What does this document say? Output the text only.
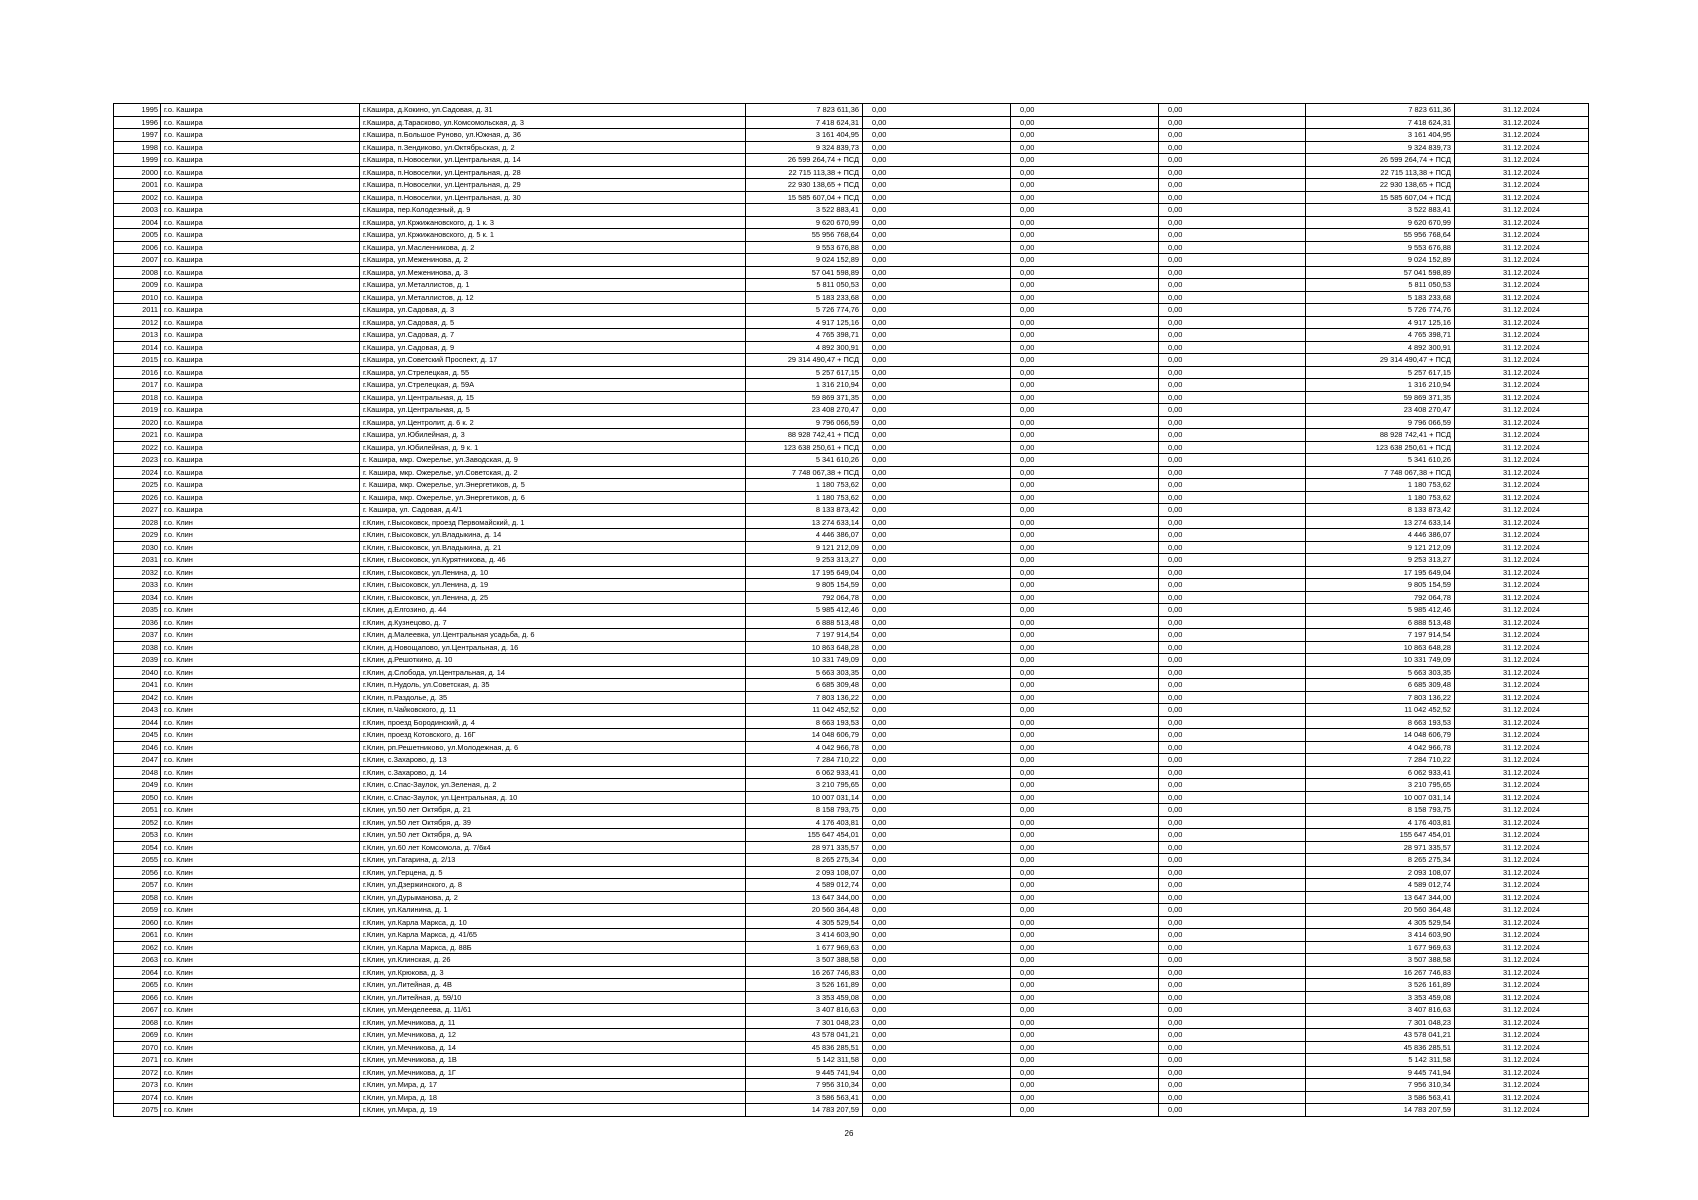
1995	г.о. Кашира	г.Кашира, д.Кокино, ул.Садовая, д. 31	7 823 611,36	0,00	0,00	0,00	7 823 611,36	31.12.2024
1996	г.о. Кашира	г.Кашира, д.Тарасково, ул.Комсомольская, д. 3	7 418 624,31	0,00	0,00	0,00	7 418 624,31	31.12.2024
1997	г.о. Кашира	г.Кашира, п.Большое Руново, ул.Южная, д. 36	3 161 404,95	0,00	0,00	0,00	3 161 404,95	31.12.2024
1998	г.о. Кашира	г.Кашира, п.Зендиково, ул.Октябрьская, д. 2	9 324 839,73	0,00	0,00	0,00	9 324 839,73	31.12.2024
1999	г.о. Кашира	г.Кашира, п.Новоселки, ул.Центральная, д. 14	26 599 264,74 + ПСД	0,00	0,00	0,00	26 599 264,74 + ПСД	31.12.2024
2000	г.о. Кашира	г.Кашира, п.Новоселки, ул.Центральная, д. 28	22 715 113,38 + ПСД	0,00	0,00	0,00	22 715 113,38 + ПСД	31.12.2024
2001	г.о. Кашира	г.Кашира, п.Новоселки, ул.Центральная, д. 29	22 930 138,65 + ПСД	0,00	0,00	0,00	22 930 138,65 + ПСД	31.12.2024
2002	г.о. Кашира	г.Кашира, п.Новоселки, ул.Центральная, д. 30	15 585 607,04 + ПСД	0,00	0,00	0,00	15 585 607,04 + ПСД	31.12.2024
2003	г.о. Кашира	г.Кашира, пер.Колодезный, д. 9	3 522 883,41	0,00	0,00	0,00	3 522 883,41	31.12.2024
2004	г.о. Кашира	г.Кашира, ул.Кржижановского, д. 1 к. 3	9 620 670,99	0,00	0,00	0,00	9 620 670,99	31.12.2024
2005	г.о. Кашира	г.Кашира, ул.Кржижановского, д. 5 к. 1	55 956 768,64	0,00	0,00	0,00	55 956 768,64	31.12.2024
2006	г.о. Кашира	г.Кашира, ул.Масленникова, д. 2	9 553 676,88	0,00	0,00	0,00	9 553 676,88	31.12.2024
2007	г.о. Кашира	г.Кашира, ул.Меженинова, д. 2	9 024 152,89	0,00	0,00	0,00	9 024 152,89	31.12.2024
2008	г.о. Кашира	г.Кашира, ул.Меженинова, д. 3	57 041 598,89	0,00	0,00	0,00	57 041 598,89	31.12.2024
2009	г.о. Кашира	г.Кашира, ул.Металлистов, д. 1	5 811 050,53	0,00	0,00	0,00	5 811 050,53	31.12.2024
2010	г.о. Кашира	г.Кашира, ул.Металлистов, д. 12	5 183 233,68	0,00	0,00	0,00	5 183 233,68	31.12.2024
2011	г.о. Кашира	г.Кашира, ул.Садовая, д. 3	5 726 774,76	0,00	0,00	0,00	5 726 774,76	31.12.2024
2012	г.о. Кашира	г.Кашира, ул.Садовая, д. 5	4 917 125,16	0,00	0,00	0,00	4 917 125,16	31.12.2024
2013	г.о. Кашира	г.Кашира, ул.Садовая, д. 7	4 765 398,71	0,00	0,00	0,00	4 765 398,71	31.12.2024
2014	г.о. Кашира	г.Кашира, ул.Садовая, д. 9	4 892 300,91	0,00	0,00	0,00	4 892 300,91	31.12.2024
2015	г.о. Кашира	г.Кашира, ул.Советский Проспект, д. 17	29 314 490,47 + ПСД	0,00	0,00	0,00	29 314 490,47 + ПСД	31.12.2024
2016	г.о. Кашира	г.Кашира, ул.Стрелецкая, д. 55	5 257 617,15	0,00	0,00	0,00	5 257 617,15	31.12.2024
2017	г.о. Кашира	г.Кашира, ул.Стрелецкая, д. 59А	1 316 210,94	0,00	0,00	0,00	1 316 210,94	31.12.2024
2018	г.о. Кашира	г.Кашира, ул.Центральная, д. 15	59 869 371,35	0,00	0,00	0,00	59 869 371,35	31.12.2024
2019	г.о. Кашира	г.Кашира, ул.Центральная, д. 5	23 408 270,47	0,00	0,00	0,00	23 408 270,47	31.12.2024
2020	г.о. Кашира	г.Кашира, ул.Центролит, д. 6 к. 2	9 796 066,59	0,00	0,00	0,00	9 796 066,59	31.12.2024
2021	г.о. Кашира	г.Кашира, ул.Юбилейная, д. 3	88 928 742,41 + ПСД	0,00	0,00	0,00	88 928 742,41 + ПСД	31.12.2024
2022	г.о. Кашира	г.Кашира, ул.Юбилейная, д. 9 к. 1	123 638 250,61 + ПСД	0,00	0,00	0,00	123 638 250,61 + ПСД	31.12.2024
2023	г.о. Кашира	г. Кашира, мкр. Ожерелье, ул.Заводская, д. 9	5 341 610,26	0,00	0,00	0,00	5 341 610,26	31.12.2024
2024	г.о. Кашира	г. Кашира, мкр. Ожерелье, ул.Советская, д. 2	7 748 067,38 + ПСД	0,00	0,00	0,00	7 748 067,38 + ПСД	31.12.2024
2025	г.о. Кашира	г. Кашира, мкр. Ожерелье, ул.Энергетиков, д. 5	1 180 753,62	0,00	0,00	0,00	1 180 753,62	31.12.2024
2026	г.о. Кашира	г. Кашира, мкр. Ожерелье, ул.Энергетиков, д. 6	1 180 753,62	0,00	0,00	0,00	1 180 753,62	31.12.2024
2027	г.о. Кашира	г. Кашира, ул. Садовая, д.4/1	8 133 873,42	0,00	0,00	0,00	8 133 873,42	31.12.2024
2028	г.о. Клин	г.Клин, г.Высоковск, проезд Первомайский, д. 1	13 274 633,14	0,00	0,00	0,00	13 274 633,14	31.12.2024
2029	г.о. Клин	г.Клин, г.Высоковск, ул.Владыкина, д. 14	4 446 386,07	0,00	0,00	0,00	4 446 386,07	31.12.2024
2030	г.о. Клин	г.Клин, г.Высоковск, ул.Владыкина, д. 21	9 121 212,09	0,00	0,00	0,00	9 121 212,09	31.12.2024
2031	г.о. Клин	г.Клин, г.Высоковск, ул.Курятникова, д. 46	9 253 313,27	0,00	0,00	0,00	9 253 313,27	31.12.2024
2032	г.о. Клин	г.Клин, г.Высоковск, ул.Ленина, д. 10	17 195 649,04	0,00	0,00	0,00	17 195 649,04	31.12.2024
2033	г.о. Клин	г.Клин, г.Высоковск, ул.Ленина, д. 19	9 805 154,59	0,00	0,00	0,00	9 805 154,59	31.12.2024
2034	г.о. Клин	г.Клин, г.Высоковск, ул.Ленина, д. 25	792 064,78	0,00	0,00	0,00	792 064,78	31.12.2024
2035	г.о. Клин	г.Клин, д.Елгозино, д. 44	5 985 412,46	0,00	0,00	0,00	5 985 412,46	31.12.2024
2036	г.о. Клин	г.Клин, д.Кузнецово, д. 7	6 888 513,48	0,00	0,00	0,00	6 888 513,48	31.12.2024
2037	г.о. Клин	г.Клин, д.Малеевка, ул.Центральная усадьба, д. 6	7 197 914,54	0,00	0,00	0,00	7 197 914,54	31.12.2024
2038	г.о. Клин	г.Клин, д.Новощапово, ул.Центральная, д. 16	10 863 648,28	0,00	0,00	0,00	10 863 648,28	31.12.2024
2039	г.о. Клин	г.Клин, д.Решоткино, д. 10	10 331 749,09	0,00	0,00	0,00	10 331 749,09	31.12.2024
2040	г.о. Клин	г.Клин, д.Слобода, ул.Центральная, д. 14	5 663 303,35	0,00	0,00	0,00	5 663 303,35	31.12.2024
2041	г.о. Клин	г.Клин, п.Нудоль, ул.Советская, д. 35	6 685 309,48	0,00	0,00	0,00	6 685 309,48	31.12.2024
2042	г.о. Клин	г.Клин, п.Раздолье, д. 35	7 803 136,22	0,00	0,00	0,00	7 803 136,22	31.12.2024
2043	г.о. Клин	г.Клин, п.Чайковского, д. 11	11 042 452,52	0,00	0,00	0,00	11 042 452,52	31.12.2024
2044	г.о. Клин	г.Клин, проезд Бородинский, д. 4	8 663 193,53	0,00	0,00	0,00	8 663 193,53	31.12.2024
2045	г.о. Клин	г.Клин, проезд Котовского, д. 16Г	14 048 606,79	0,00	0,00	0,00	14 048 606,79	31.12.2024
2046	г.о. Клин	г.Клин, рп.Решетниково, ул.Молодежная, д. 6	4 042 966,78	0,00	0,00	0,00	4 042 966,78	31.12.2024
2047	г.о. Клин	г.Клин, с.Захарово, д. 13	7 284 710,22	0,00	0,00	0,00	7 284 710,22	31.12.2024
2048	г.о. Клин	г.Клин, с.Захарово, д. 14	6 062 933,41	0,00	0,00	0,00	6 062 933,41	31.12.2024
2049	г.о. Клин	г.Клин, с.Спас-Заулок, ул.Зеленая, д. 2	3 210 795,65	0,00	0,00	0,00	3 210 795,65	31.12.2024
2050	г.о. Клин	г.Клин, с.Спас-Заулок, ул.Центральная, д. 10	10 007 031,14	0,00	0,00	0,00	10 007 031,14	31.12.2024
2051	г.о. Клин	г.Клин, ул.50 лет Октября, д. 21	8 158 793,75	0,00	0,00	0,00	8 158 793,75	31.12.2024
2052	г.о. Клин	г.Клин, ул.50 лет Октября, д. 39	4 176 403,81	0,00	0,00	0,00	4 176 403,81	31.12.2024
2053	г.о. Клин	г.Клин, ул.50 лет Октября, д. 9А	155 647 454,01	0,00	0,00	0,00	155 647 454,01	31.12.2024
2054	г.о. Клин	г.Клин, ул.60 лет Комсомола, д. 7/6к4	28 971 335,57	0,00	0,00	0,00	28 971 335,57	31.12.2024
2055	г.о. Клин	г.Клин, ул.Гагарина, д. 2/13	8 265 275,34	0,00	0,00	0,00	8 265 275,34	31.12.2024
2056	г.о. Клин	г.Клин, ул.Герцена, д. 5	2 093 108,07	0,00	0,00	0,00	2 093 108,07	31.12.2024
2057	г.о. Клин	г.Клин, ул.Дзержинского, д. 8	4 589 012,74	0,00	0,00	0,00	4 589 012,74	31.12.2024
2058	г.о. Клин	г.Клин, ул.Дурыманова, д. 2	13 647 344,00	0,00	0,00	0,00	13 647 344,00	31.12.2024
2059	г.о. Клин	г.Клин, ул.Калинина, д. 1	20 560 364,48	0,00	0,00	0,00	20 560 364,48	31.12.2024
2060	г.о. Клин	г.Клин, ул.Карла Маркса, д. 10	4 305 529,54	0,00	0,00	0,00	4 305 529,54	31.12.2024
2061	г.о. Клин	г.Клин, ул.Карла Маркса, д. 41/65	3 414 603,90	0,00	0,00	0,00	3 414 603,90	31.12.2024
2062	г.о. Клин	г.Клин, ул.Карла Маркса, д. 88Б	1 677 969,63	0,00	0,00	0,00	1 677 969,63	31.12.2024
2063	г.о. Клин	г.Клин, ул.Клинская, д. 26	3 507 388,58	0,00	0,00	0,00	3 507 388,58	31.12.2024
2064	г.о. Клин	г.Клин, ул.Крюкова, д. 3	16 267 746,83	0,00	0,00	0,00	16 267 746,83	31.12.2024
2065	г.о. Клин	г.Клин, ул.Литейная, д. 4В	3 526 161,89	0,00	0,00	0,00	3 526 161,89	31.12.2024
2066	г.о. Клин	г.Клин, ул.Литейная, д. 59/10	3 353 459,08	0,00	0,00	0,00	3 353 459,08	31.12.2024
2067	г.о. Клин	г.Клин, ул.Менделеева, д. 11/61	3 407 816,63	0,00	0,00	0,00	3 407 816,63	31.12.2024
2068	г.о. Клин	г.Клин, ул.Мечникова, д. 11	7 301 048,23	0,00	0,00	0,00	7 301 048,23	31.12.2024
2069	г.о. Клин	г.Клин, ул.Мечникова, д. 12	43 578 041,21	0,00	0,00	0,00	43 578 041,21	31.12.2024
2070	г.о. Клин	г.Клин, ул.Мечникова, д. 14	45 836 285,51	0,00	0,00	0,00	45 836 285,51	31.12.2024
2071	г.о. Клин	г.Клин, ул.Мечникова, д. 1В	5 142 311,58	0,00	0,00	0,00	5 142 311,58	31.12.2024
2072	г.о. Клин	г.Клин, ул.Мечникова, д. 1Г	9 445 741,94	0,00	0,00	0,00	9 445 741,94	31.12.2024
2073	г.о. Клин	г.Клин, ул.Мира, д. 17	7 956 310,34	0,00	0,00	0,00	7 956 310,34	31.12.2024
2074	г.о. Клин	г.Клин, ул.Мира, д. 18	3 586 563,41	0,00	0,00	0,00	3 586 563,41	31.12.2024
2075	г.о. Клин	г.Клин, ул.Мира, д. 19	14 783 207,59	0,00	0,00	0,00	14 783 207,59	31.12.2024
26
